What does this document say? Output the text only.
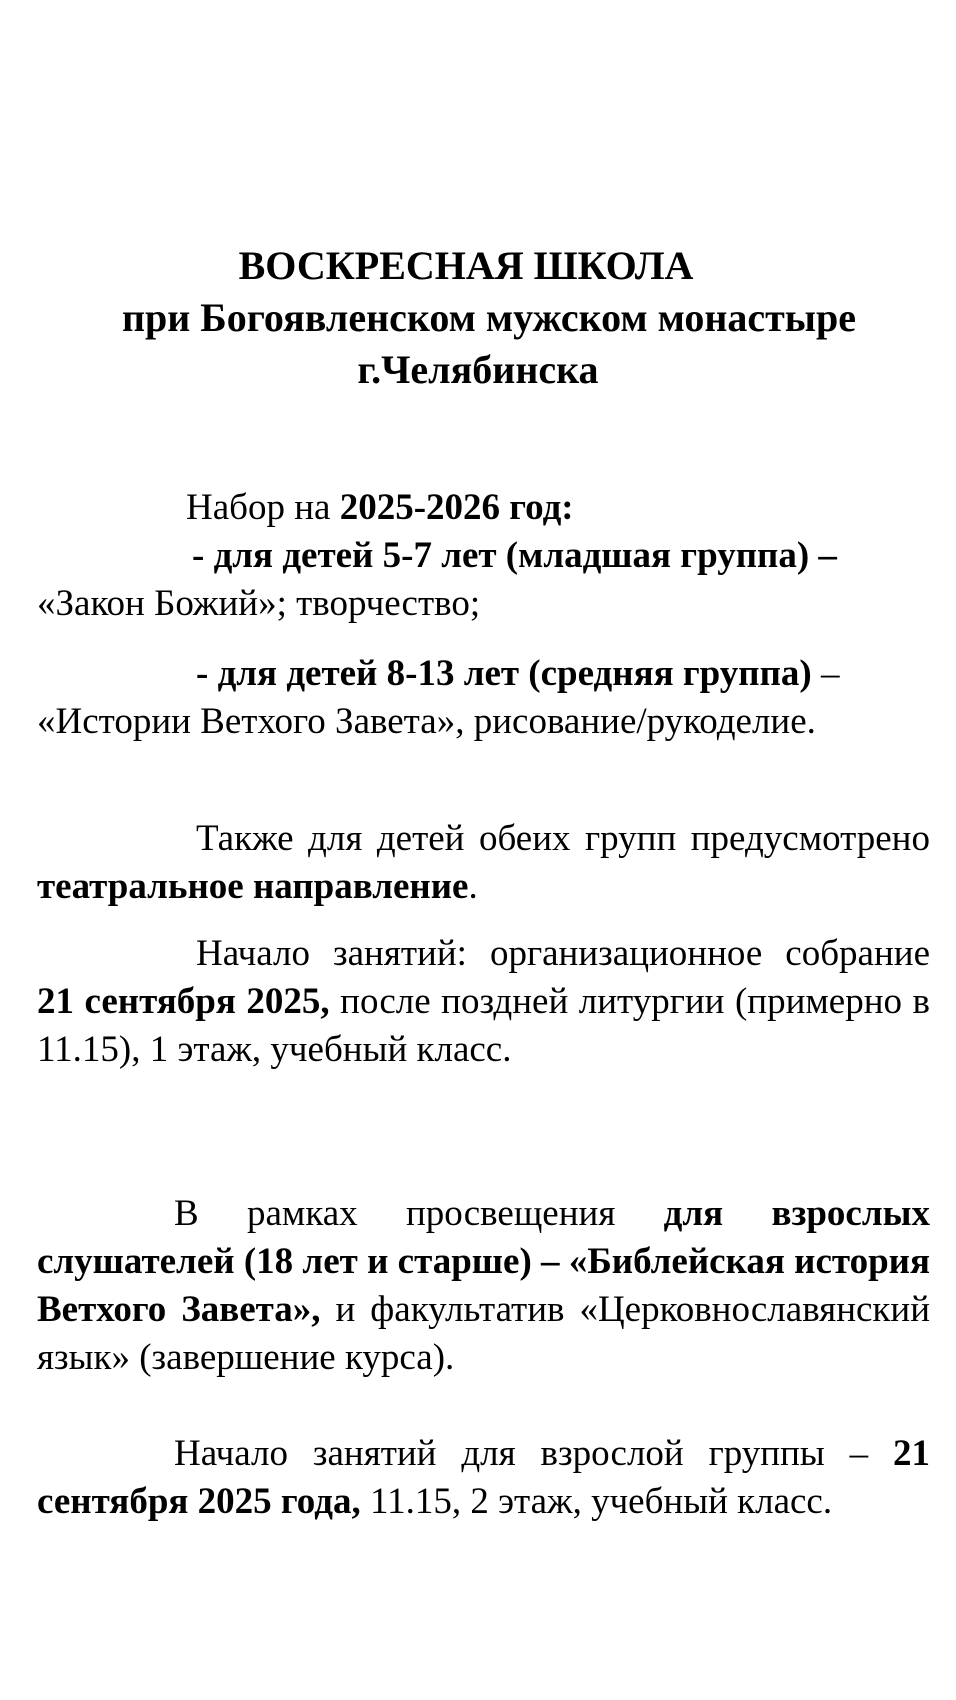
ВОСКРЕСНАЯ ШКОЛА
при Богоявленском мужском монастыре
г.Челябинска
Набор на 2025-2026 год:
- для детей 5-7 лет (младшая группа) –
«Закон Божий»; творчество;
- для детей 8-13 лет (средняя группа) –
«Истории Ветхого Завета», рисование/рукоделие.
Также для детей обеих групп предусмотрено театральное направление.
Начало занятий: организационное собрание 21 сентября 2025, после поздней литургии (примерно в 11.15), 1 этаж, учебный класс.
В рамках просвещения для взрослых слушателей (18 лет и старше) – «Библейская история Ветхого Завета», и факультатив «Церковнославянский язык» (завершение курса).
Начало занятий для взрослой группы – 21 сентября 2025 года, 11.15, 2 этаж, учебный класс.
